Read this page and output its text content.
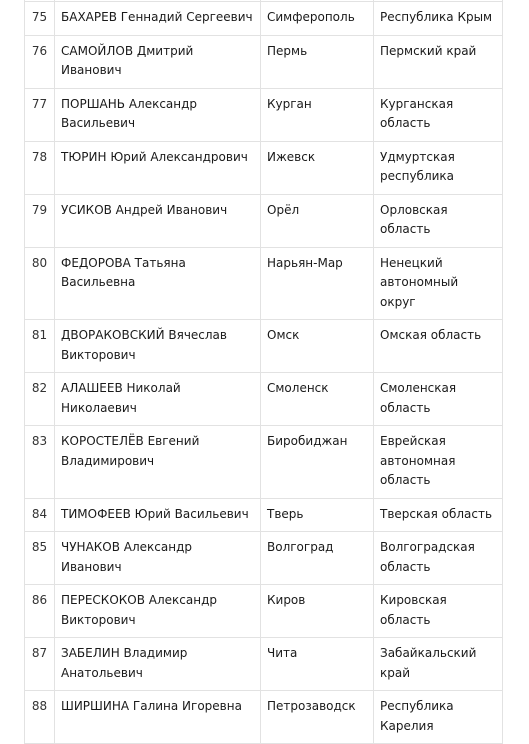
75	БАХАРЕВ Геннадий Сергеевич	Симферополь	Республика Крым
76	САМОЙЛОВ Дмитрий Иванович	Пермь	Пермский край
77	ПОРШАНЬ Александр Васильевич	Курган	Курганская область
78	ТЮРИН Юрий Александрович	Ижевск	Удмуртская республика
79	УСИКОВ Андрей Иванович	Орёл	Орловская область
80	ФЕДОРОВА Татьяна Васильевна	Нарьян-Мар	Ненецкий автономный округ
81	ДВОРАКОВСКИЙ Вячеслав Викторович	Омск	Омская область
82	АЛАШЕЕВ Николай Николаевич	Смоленск	Смоленская область
83	КОРОСТЕЛЁВ Евгений Владимирович	Биробиджан	Еврейская автономная область
84	ТИМОФЕЕВ Юрий Васильевич	Тверь	Тверская область
85	ЧУНАКОВ Александр Иванович	Волгоград	Волгоградская область
86	ПЕРЕСКОКОВ Александр Викторович	Киров	Кировская область
87	ЗАБЕЛИН Владимир Анатольевич	Чита	Забайкальский край
88	ШИРШИНА Галина Игоревна	Петрозаводск	Республика Карелия
